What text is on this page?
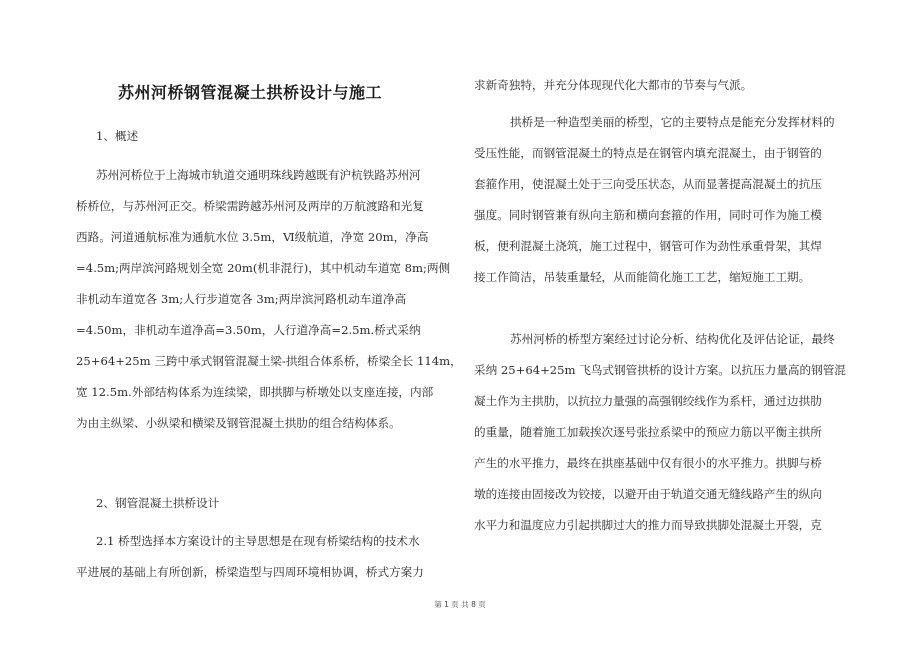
苏州河桥钢管混凝土拱桥设计与施工
1、概述
苏州河桥位于上海城市轨道交通明珠线跨越既有沪杭铁路苏州河
桥桥位，与苏州河正交。桥梁需跨越苏州河及两岸的万航渡路和光复
西路。河道通航标准为通航水位 3.5m，Ⅵ级航道，净宽 20m，净高
=4.5m;两岸滨河路规划全宽 20m(机非混行)，其中机动车道宽 8m;两侧
非机动车道宽各 3m;人行步道宽各 3m;两岸滨河路机动车道净高
=4.50m，非机动车道净高=3.50m，人行道净高=2.5m.桥式采纳
25+64+25m 三跨中承式钢管混凝土梁-拱组合体系桥，桥梁全长 114m，
宽 12.5m.外部结构体系为连续梁，即拱脚与桥墩处以支座连接，内部
为由主纵梁、小纵梁和横梁及钢管混凝土拱肋的组合结构体系。
2、钢管混凝土拱桥设计
2.1 桥型选择本方案设计的主导思想是在现有桥梁结构的技术水
平进展的基础上有所创新，桥梁造型与四周环境相协调，桥式方案力
求新奇独特，并充分体现现代化大都市的节奏与气派。
拱桥是一种造型美丽的桥型，它的主要特点是能充分发挥材料的
受压性能，而钢管混凝土的特点是在钢管内填充混凝土，由于钢管的
套箍作用，使混凝土处于三向受压状态，从而显著提高混凝土的抗压
强度。同时钢管兼有纵向主筋和横向套箍的作用，同时可作为施工模
板，便利混凝土浇筑，施工过程中，钢管可作为劲性承重骨架，其焊
接工作简洁，吊装重量轻，从而能简化施工工艺，缩短施工工期。
苏州河桥的桥型方案经过讨论分析、结构优化及评估论证，最终
采纳 25+64+25m 飞鸟式钢管拱桥的设计方案。以抗压力量高的钢管混
凝土作为主拱肋，以抗拉力量强的高强钢绞线作为系杆，通过边拱肋
的重量，随着施工加载挨次逐号张拉系梁中的预应力筋以平衡主拱所
产生的水平推力，最终在拱座基础中仅有很小的水平推力。拱脚与桥
墩的连接由固接改为铰接，以避开由于轨道交通无缝线路产生的纵向
水平力和温度应力引起拱脚过大的推力而导致拱脚处混凝土开裂，克
第 1 页 共 8 页
